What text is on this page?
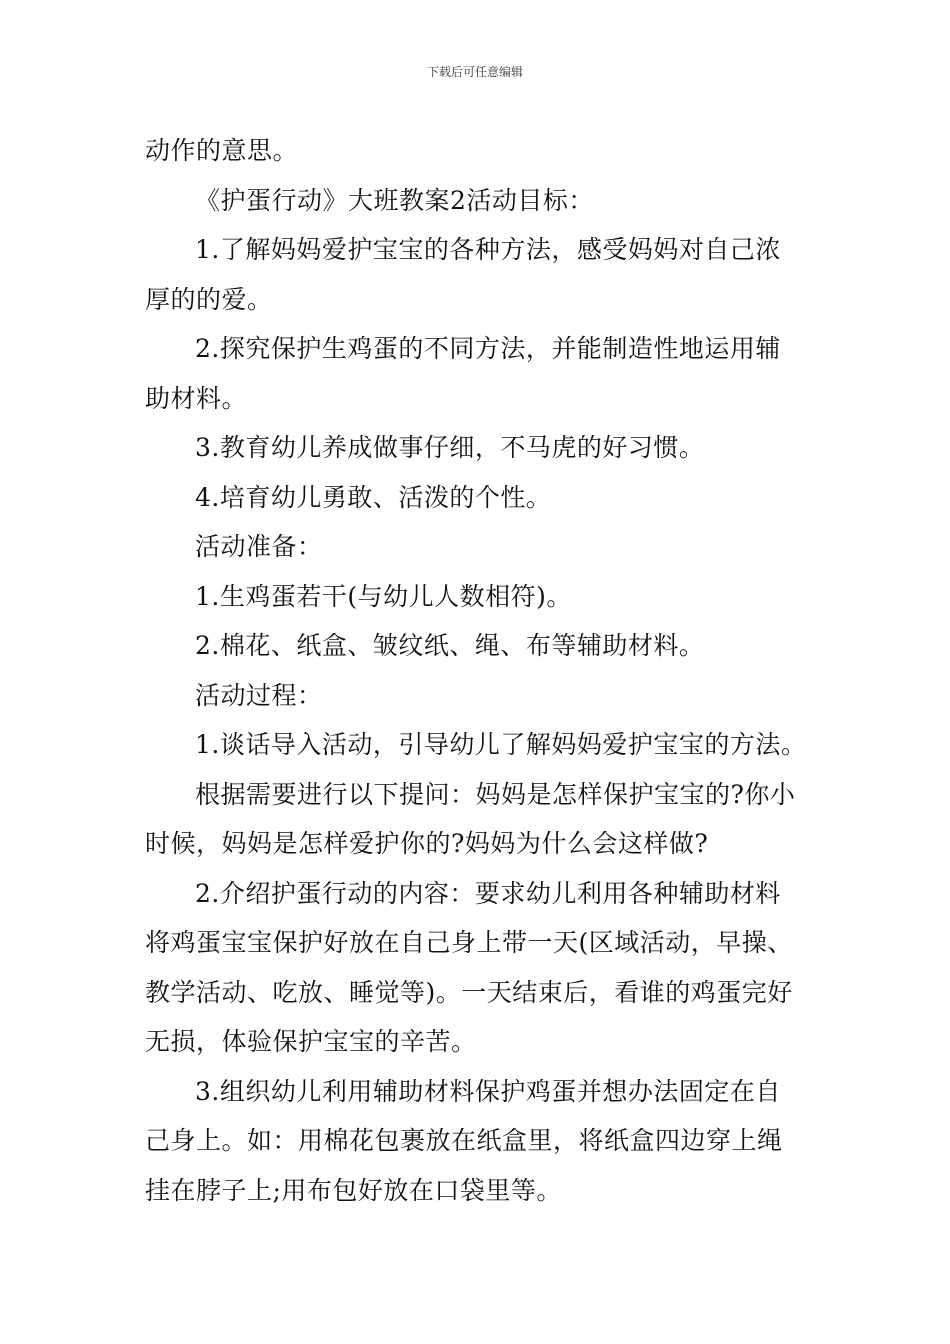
下载后可任意编辑
动作的意思。
《护蛋行动》大班教案2活动目标：
1.了解妈妈爱护宝宝的各种方法，感受妈妈对自己浓
厚的的爱。
2.探究保护生鸡蛋的不同方法，并能制造性地运用辅
助材料。
3.教育幼儿养成做事仔细，不马虎的好习惯。
4.培育幼儿勇敢、活泼的个性。
活动准备：
1.生鸡蛋若干(与幼儿人数相符)。
2.棉花、纸盒、皱纹纸、绳、布等辅助材料。
活动过程：
1.谈话导入活动，引导幼儿了解妈妈爱护宝宝的方法。
根据需要进行以下提问：妈妈是怎样保护宝宝的?你小
时候，妈妈是怎样爱护你的?妈妈为什么会这样做?
2.介绍护蛋行动的内容：要求幼儿利用各种辅助材料
将鸡蛋宝宝保护好放在自己身上带一天(区域活动，早操、
教学活动、吃放、睡觉等)。一天结束后，看谁的鸡蛋完好
无损，体验保护宝宝的辛苦。
3.组织幼儿利用辅助材料保护鸡蛋并想办法固定在自
己身上。如：用棉花包裹放在纸盒里，将纸盒四边穿上绳
挂在脖子上;用布包好放在口袋里等。
